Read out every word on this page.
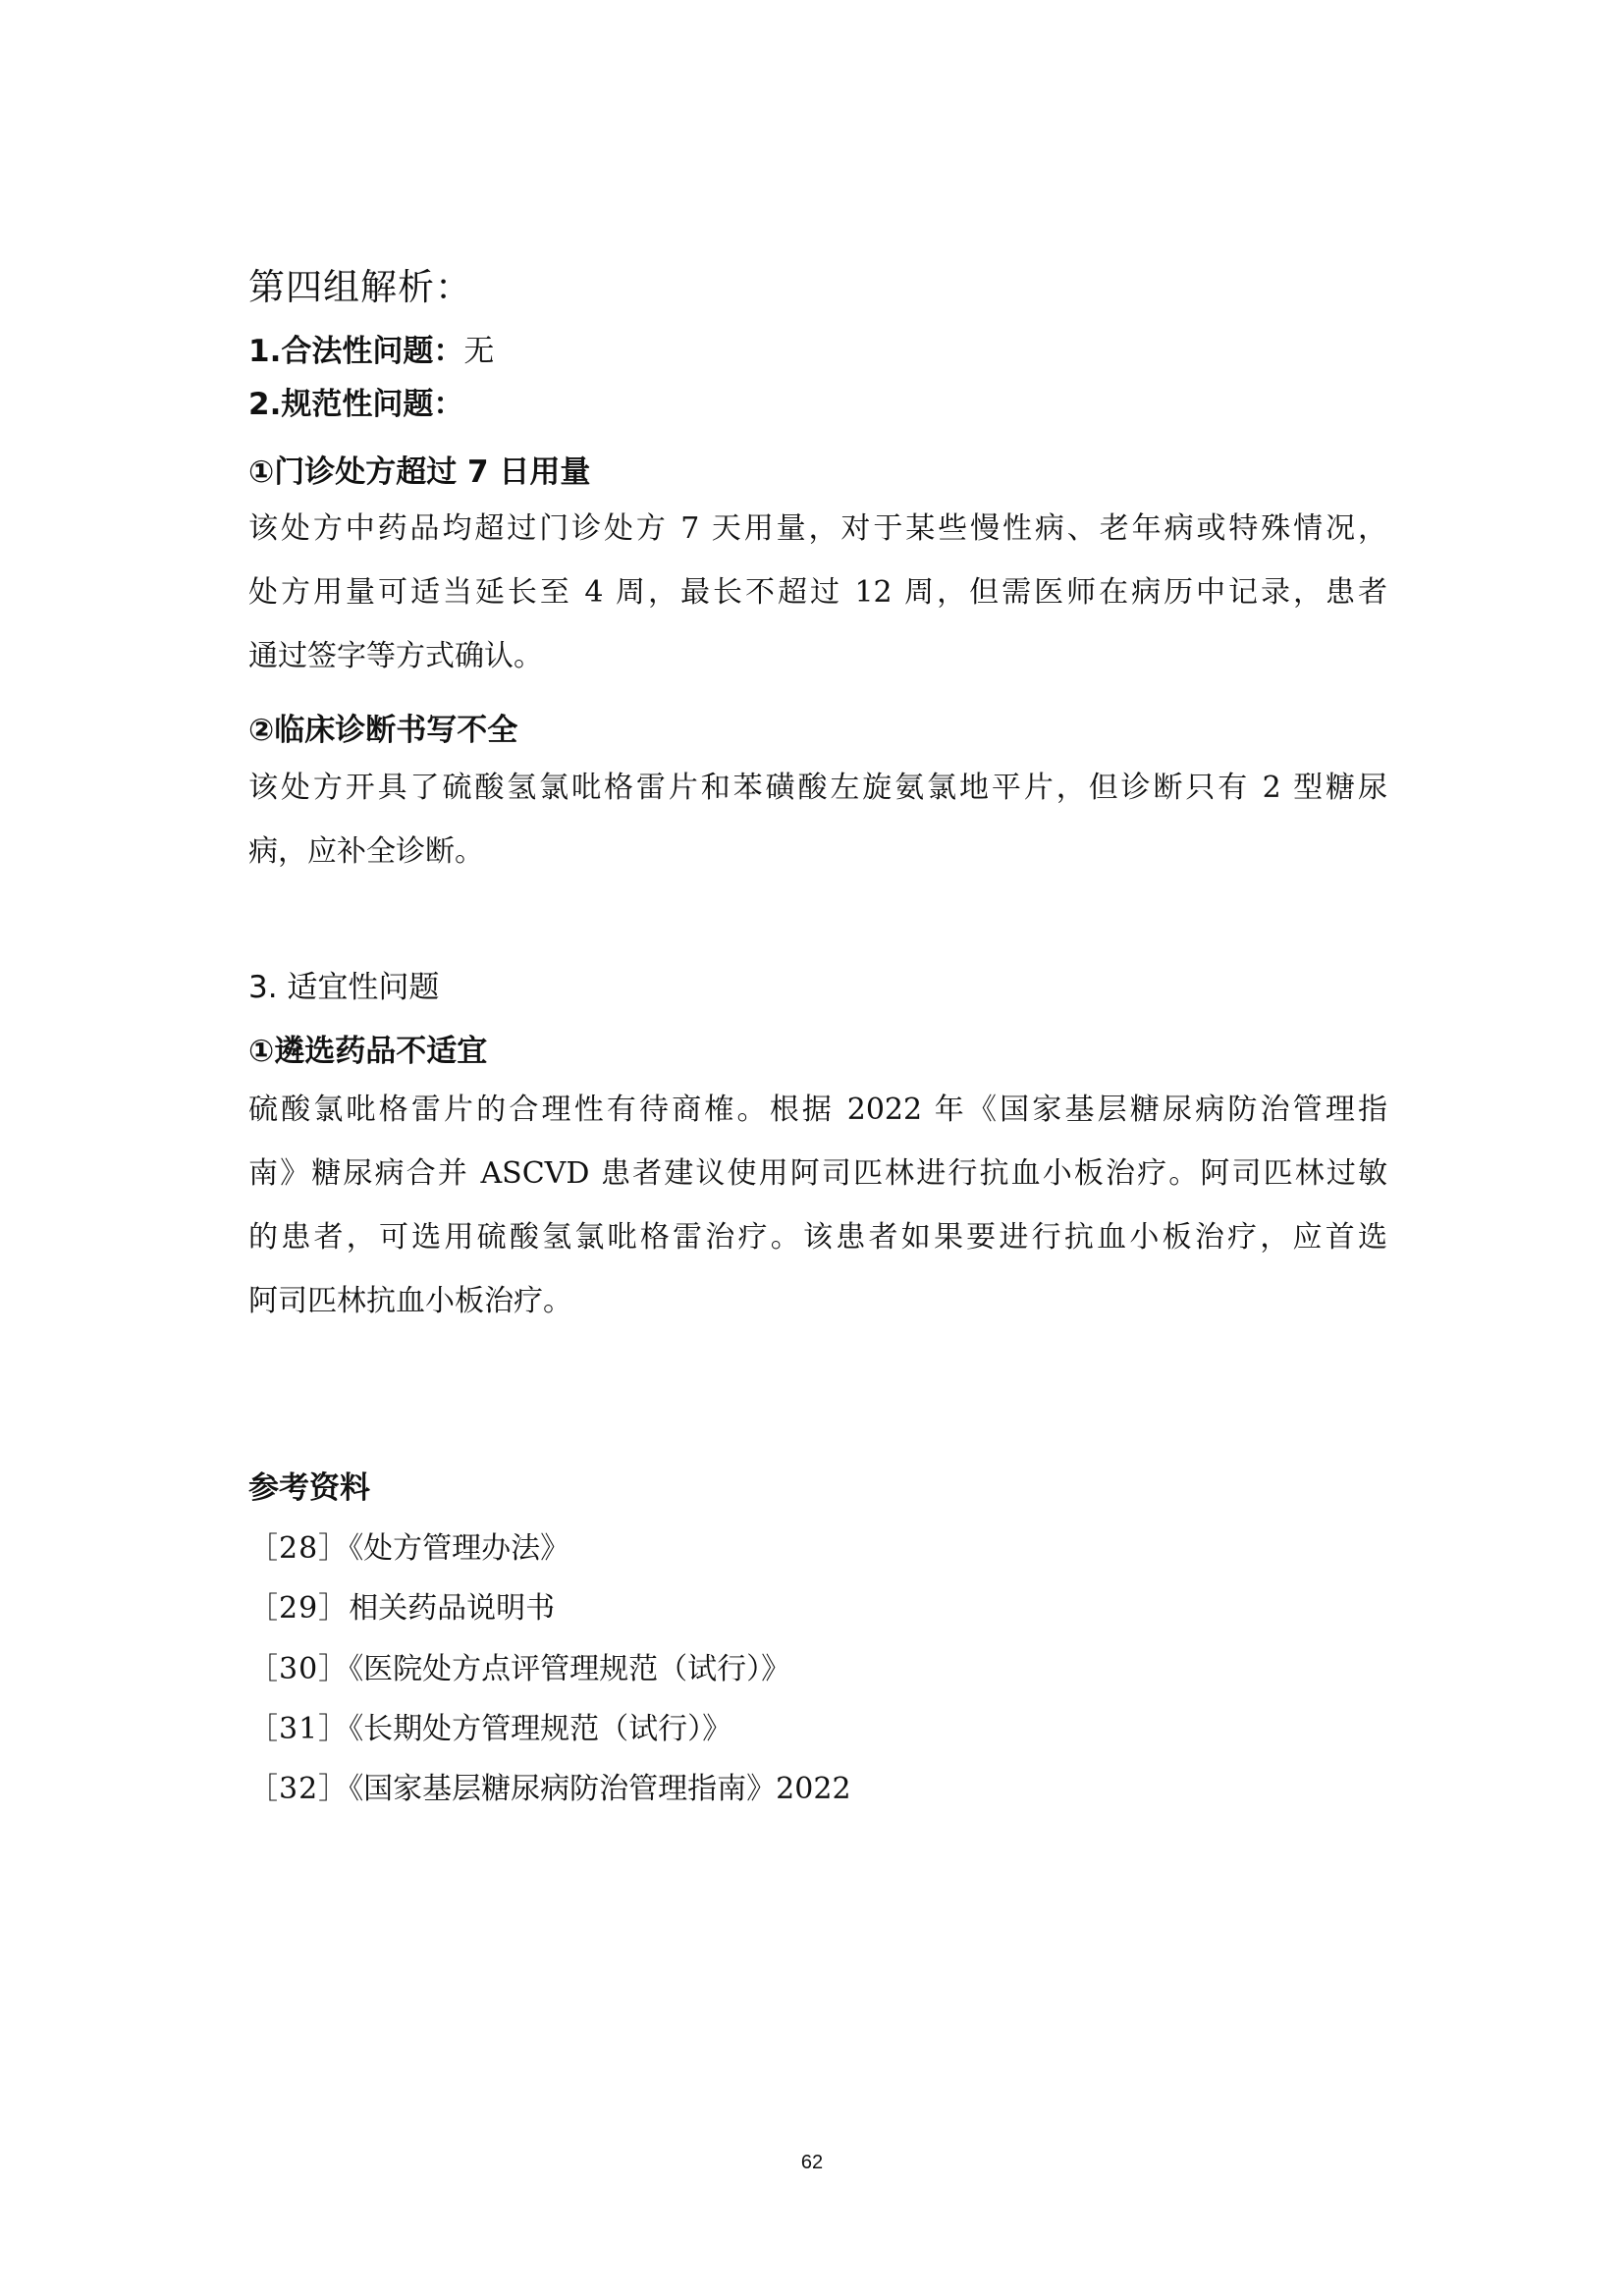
第四组解析：

1.合法性问题：无

2.规范性问题：

①门诊处方超过 7 日用量

该处方中药品均超过门诊处方 7 天用量，对于某些慢性病、老年病或特殊情况，
处方用量可适当延长至 4 周，最长不超过 12 周，但需医师在病历中记录，患者
通过签字等方式确认。

②临床诊断书写不全

该处方开具了硫酸氢氯吡格雷片和苯磺酸左旋氨氯地平片，但诊断只有 2 型糖尿
病，应补全诊断。

3. 适宜性问题

①遴选药品不适宜

硫酸氯吡格雷片的合理性有待商榷。根据 2022 年《国家基层糖尿病防治管理指
南》糖尿病合并 ASCVD 患者建议使用阿司匹林进行抗血小板治疗。阿司匹林过敏
的患者，可选用硫酸氢氯吡格雷治疗。该患者如果要进行抗血小板治疗，应首选
阿司匹林抗血小板治疗。

参考资料

［28］《处方管理办法》

［29］相关药品说明书

［30］《医院处方点评管理规范（试行）》

［31］《长期处方管理规范（试行）》

［32］《国家基层糖尿病防治管理指南》2022

62
